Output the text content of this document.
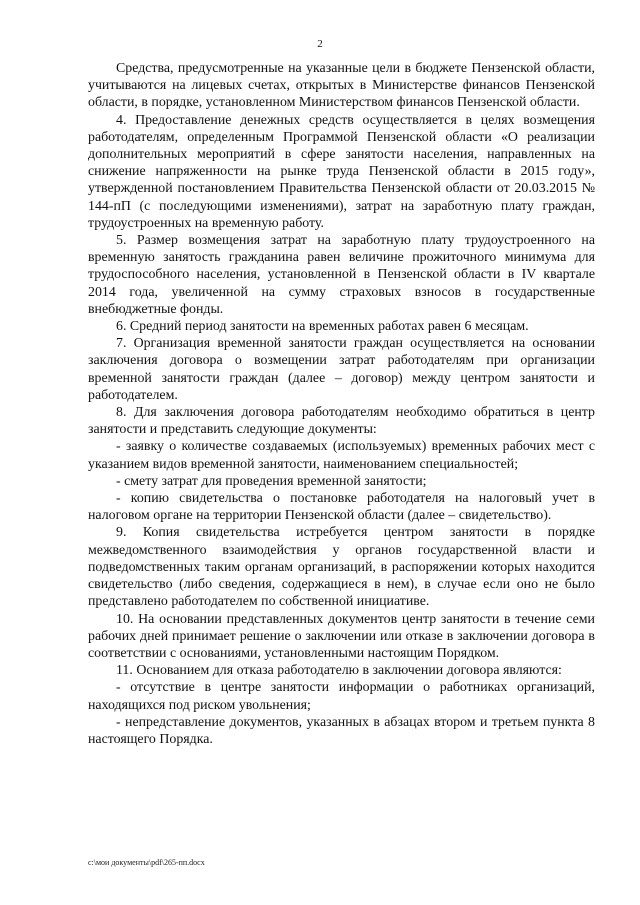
2

Средства, предусмотренные на указанные цели в бюджете Пензенской области, учитываются на лицевых счетах, открытых в Министерстве финансов Пензенской области, в порядке, установленном Министерством финансов Пензенской области.

4. Предоставление денежных средств осуществляется в целях возмещения работодателям, определенным Программой Пензенской области «О реализации дополнительных мероприятий в сфере занятости населения, направленных на снижение напряженности на рынке труда Пензенской области в 2015 году», утвержденной постановлением Правительства Пензенской области от 20.03.2015 № 144-пП (с последующими изменениями), затрат на заработную плату граждан, трудоустроенных на временную работу.

5. Размер возмещения затрат на заработную плату трудоустроенного на временную занятость гражданина равен величине прожиточного минимума для трудоспособного населения, установленной в Пензенской области в IV квартале 2014 года, увеличенной на сумму страховых взносов в государственные внебюджетные фонды.

6. Средний период занятости на временных работах равен 6 месяцам.

7. Организация временной занятости граждан осуществляется на основании заключения договора о возмещении затрат работодателям при организации временной занятости граждан (далее – договор) между центром занятости и работодателем.

8. Для заключения договора работодателям необходимо обратиться в центр занятости и представить следующие документы:

- заявку о количестве создаваемых (используемых) временных рабочих мест с указанием видов временной занятости, наименованием специальностей;

- смету затрат для проведения временной занятости;

- копию свидетельства о постановке работодателя на налоговый учет в налоговом органе на территории Пензенской области (далее – свидетельство).

9. Копия свидетельства истребуется центром занятости в порядке межведомственного взаимодействия у органов государственной власти и подведомственных таким органам организаций, в распоряжении которых находится свидетельство (либо сведения, содержащиеся в нем), в случае если оно не было представлено работодателем по собственной инициативе.

10. На основании представленных документов центр занятости в течение семи рабочих дней принимает решение о заключении или отказе в заключении договора в соответствии с основаниями, установленными настоящим Порядком.

11. Основанием для отказа работодателю в заключении договора являются:

- отсутствие в центре занятости информации о работниках организаций, находящихся под риском увольнения;

- непредставление документов, указанных в абзацах втором и третьем пункта 8 настоящего Порядка.

c:\мои документы\pdf\265-пп.docx
